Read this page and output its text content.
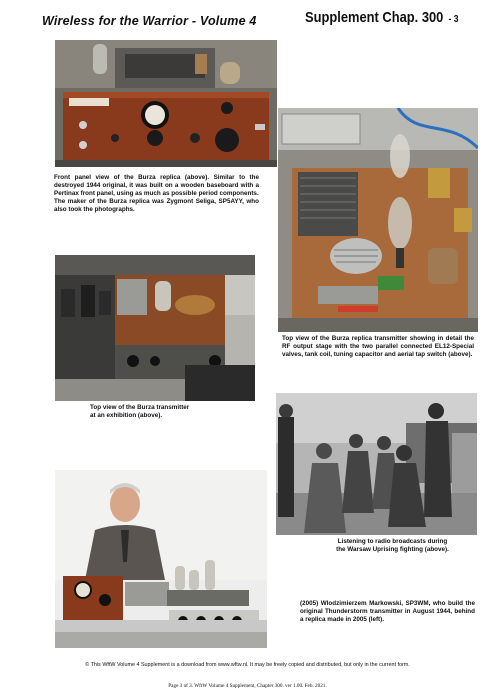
Wireless for the Warrior - Volume 4	Supplement Chap. 300 - 3
Front panel view of the Burza replica (above). Similar to the destroyed 1944 original, it was built on a wooden baseboard with a Pertinax front panel, using as much as possible period components.
The maker of the Burza replica was Zygmont Seliga, SP5AYY, who also took the photographs.
Top view of the Burza replica transmitter showing in detail the RF output stage with the two parallel connected EL12-Special valves, tank coil, tuning capacitor and aerial tap switch (above).
Top view of the Burza transmitter
at an exhibition (above).
Listening to radio broadcasts during
the Warsaw Uprising fighting (above).
(2005) Wlodzimierzem Markowski, SP3WM, who build the original Thunderstorm transmitter in August 1944, behind a replica made in 2005 (left).
© This WftW Volume 4 Supplement is a download from www.wftw.nl. It may be freely copied and distributed, but only in the current form.
Page 3 of 3. WftW Volume 4 Supplement, Chapter 300. ver 1.00. Feb. 2021.
